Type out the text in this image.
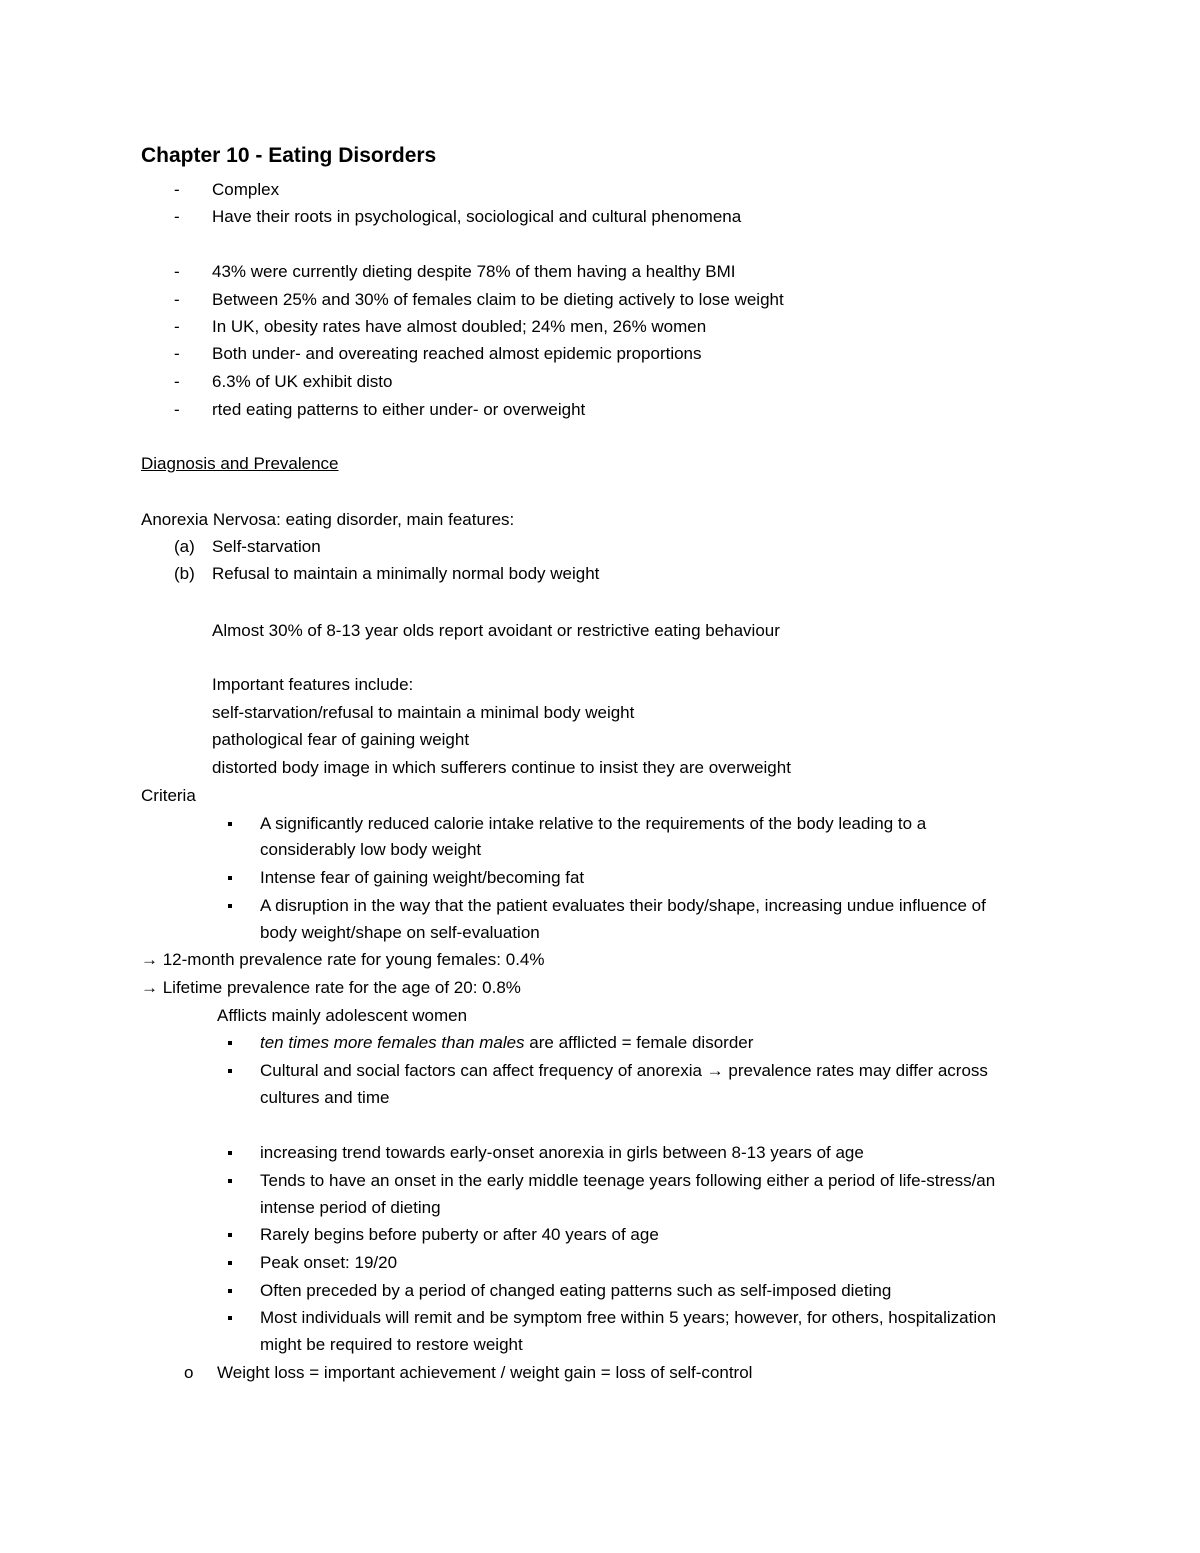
Chapter 10 - Eating Disorders
- Complex
- Have their roots in psychological, sociological and cultural phenomena
- 43% were currently dieting despite 78% of them having a healthy BMI
- Between 25% and 30% of females claim to be dieting actively to lose weight
- In UK, obesity rates have almost doubled; 24% men, 26% women
- Both under- and overeating reached almost epidemic proportions
- 6.3% of UK exhibit disto
- rted eating patterns to either under- or overweight
Diagnosis and Prevalence
Anorexia Nervosa: eating disorder, main features:
(a) Self-starvation
(b) Refusal to maintain a minimally normal body weight
Almost 30% of 8-13 year olds report avoidant or restrictive eating behaviour
Important features include:
self-starvation/refusal to maintain a minimal body weight
pathological fear of gaining weight
distorted body image in which sufferers continue to insist they are overweight
Criteria
A significantly reduced calorie intake relative to the requirements of the body leading to a
considerably low body weight
Intense fear of gaining weight/becoming fat
A disruption in the way that the patient evaluates their body/shape, increasing undue influence of
body weight/shape on self-evaluation
→ 12-month prevalence rate for young females: 0.4%
→ Lifetime prevalence rate for the age of 20: 0.8%
Afflicts mainly adolescent women
ten times more females than males are afflicted = female disorder
Cultural and social factors can affect frequency of anorexia → prevalence rates may differ across
cultures and time
increasing trend towards early-onset anorexia in girls between 8-13 years of age
Tends to have an onset in the early middle teenage years following either a period of life-stress/an
intense period of dieting
Rarely begins before puberty or after 40 years of age
Peak onset: 19/20
Often preceded by a period of changed eating patterns such as self-imposed dieting
Most individuals will remit and be symptom free within 5 years; however, for others, hospitalization
might be required to restore weight
o Weight loss = important achievement / weight gain = loss of self-control
